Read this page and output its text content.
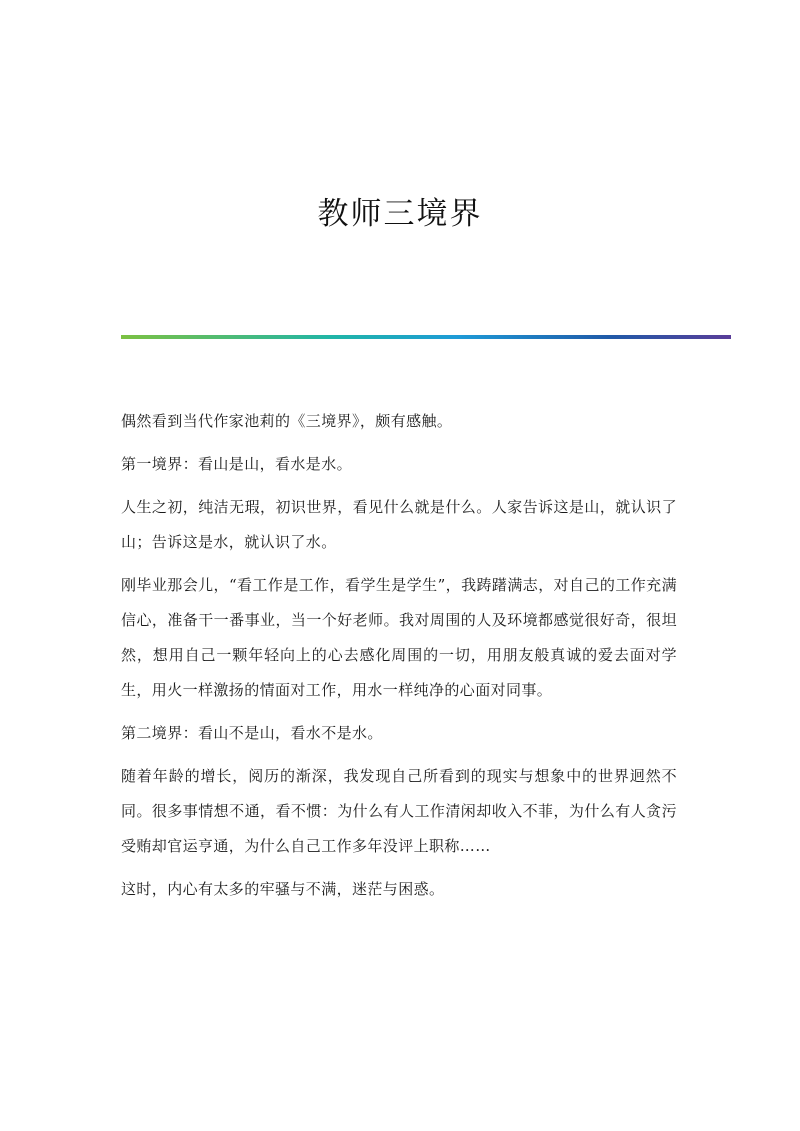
教师三境界

偶然看到当代作家池莉的《三境界》，颇有感触。

第一境界：看山是山，看水是水。

人生之初，纯洁无瑕，初识世界，看见什么就是什么。人家告诉这是山，就认识了山；告诉这是水，就认识了水。

刚毕业那会儿，“看工作是工作，看学生是学生”，我踌躇满志，对自己的工作充满信心，准备干一番事业，当一个好老师。我对周围的人及环境都感觉很好奇，很坦然，想用自己一颗年轻向上的心去感化周围的一切，用朋友般真诚的爱去面对学生，用火一样激扬的情面对工作，用水一样纯净的心面对同事。

第二境界：看山不是山，看水不是水。

随着年龄的增长，阅历的渐深，我发现自己所看到的现实与想象中的世界迥然不同。很多事情想不通，看不惯：为什么有人工作清闲却收入不菲，为什么有人贪污受贿却官运亨通，为什么自己工作多年没评上职称……

这时，内心有太多的牢骚与不满，迷茫与困惑。
